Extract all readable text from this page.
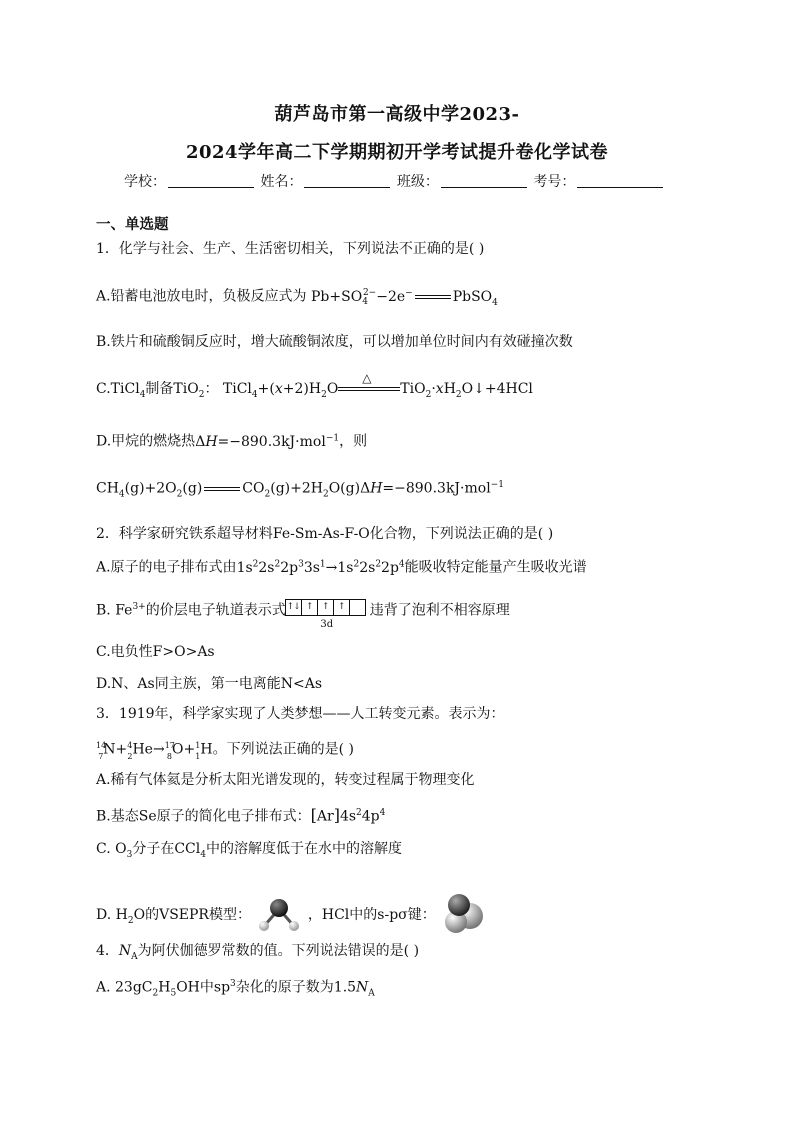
葫芦岛市第一高级中学2023-
2024学年高二下学期期初开学考试提升卷化学试卷
学校：	姓名：	班级：	考号：
一、单选题
1．化学与社会、生产、生活密切相关，下列说法不正确的是( )
A.铅蓄电池放电时，负极反应式为 $Pb+SO_4^{2-}-2e^-$	PbSO$_4$
B.铁片和硫酸铜反应时，增大硫酸铜浓度，可以增加单位时间内有效碰撞次数
C.TiCl$_4$制备TiO$_2$： $TiCl_4+(x+2)H_2O$
△
$TiO_2\cdot xH_2O↓+4HCl$
D.甲烷的燃烧热ΔH=−890.3kJ·mol$^{-1}$，则
$CH_4(g)+2O_2(g)$	$CO_2(g)+2H_2O(g)\Delta H=-890.3kJ\cdot mol^{-1}$
2．科学家研究铁系超导材料Fe-Sm-As-F-O化合物，下列说法正确的是( )
A.原子的电子排布式由$1s^22s^22p^33s^1\to 1s^22s^22p^4$能吸收特定能量产生吸收光谱
B. $Fe^{3+}$的价层电子轨道表示式 ↑↓ ↑	↑	↑
3d
违背了泡利不相容原理
C.电负性F>O>As
D.N、As同主族，第一电离能N<As
3．1919年，科学家实现了人类梦想——人工转变元素。表示为：
$^{14}_7$N+$^4_2$He→$^{17}_8$O+$^1_1$H。下列说法正确的是( )
A.稀有气体氦是分析太阳光谱发现的，转变过程属于物理变化
B.基态Se原子的简化电子排布式：$[Ar]4s^24p^4$
C. $O_3$分子在CCl$_4$中的溶解度低于在水中的溶解度
D. $H_2O$的VSEPR模型：	，HCl中的s-pσ键：
4．$N_A$为阿伏伽德罗常数的值。下列说法错误的是( )
A. $23gC_2H_5OH$中$sp^3$杂化的原子数为$1.5N_A$
